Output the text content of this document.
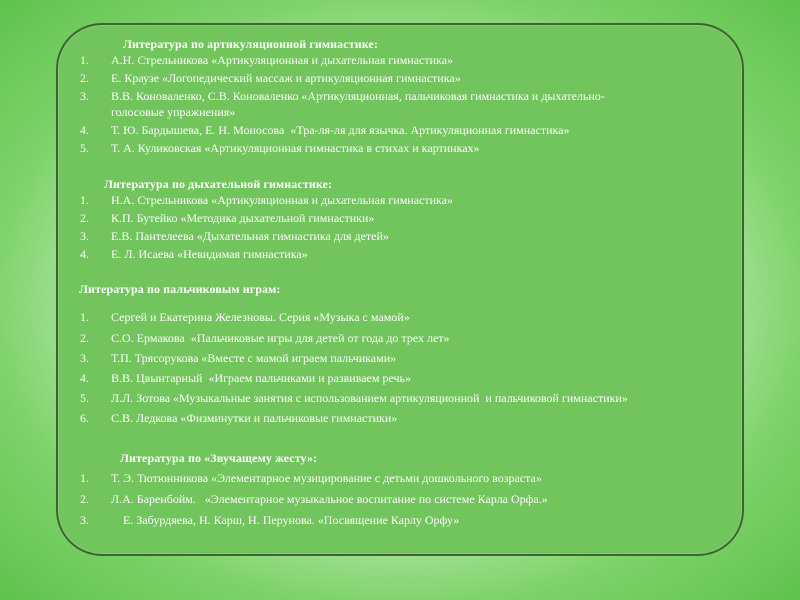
Литература по артикуляционной гимнастике:
1. А.Н. Стрельникова «Артикуляционная и дыхательная гимнастика»
2. Е. Краузе «Логопедический массаж и артикуляционная гимнастика»
3. В.В. Коноваленко, С.В. Коноваленко «Артикуляционная, пальчиковая гимнастика и дыхательно-
голосовые упражнения»
4. Т. Ю. Бардышева, Е. Н. Моносова  «Тра-ля-ля для язычка. Артикуляционная гимнастика»
5. Т. А. Куликовская «Артикуляционная гимнастика в стихах и картинках»
Литература по дыхательной гимнастике:
1. Н.А. Стрельникова «Артикуляционная и дыхательная гимнастика»
2. К.П. Бутейко «Методика дыхательной гимнастики»
3. Е.В. Пантелеева «Дыхательная гимнастика для детей»
4. Е. Л. Исаева «Невидимая гимнастика»
Литература по пальчиковым играм:
1. Сергей и Екатерина Железновы. Серия «Музыка с мамой»
2. С.О. Ермакова  «Пальчиковые игры для детей от года до трех лет»
3. Т.П. Трясорукова «Вместе с мамой играем пальчиками»
4. В.В. Цвынтарный  «Играем пальчиками и развиваем речь»
5. Л.Л. Зотова «Музыкальные занятия с использованием артикуляционной  и пальчиковой гимнастики»
6. С.В. Ледкова «Физминутки и пальчиковые гимнастики»
Литература по «Звучащему жесту»:
1. Т. Э. Тютюнникова «Элементарное музицирование с детьми дошкольного возраста»
2. Л.А. Баренбойм.   «Элементарное музыкальное воспитание по системе Карла Орфа.»
3. Е. Забурдяева, Н. Карш, Н. Перунова. «Посвящение Карлу Орфу»
